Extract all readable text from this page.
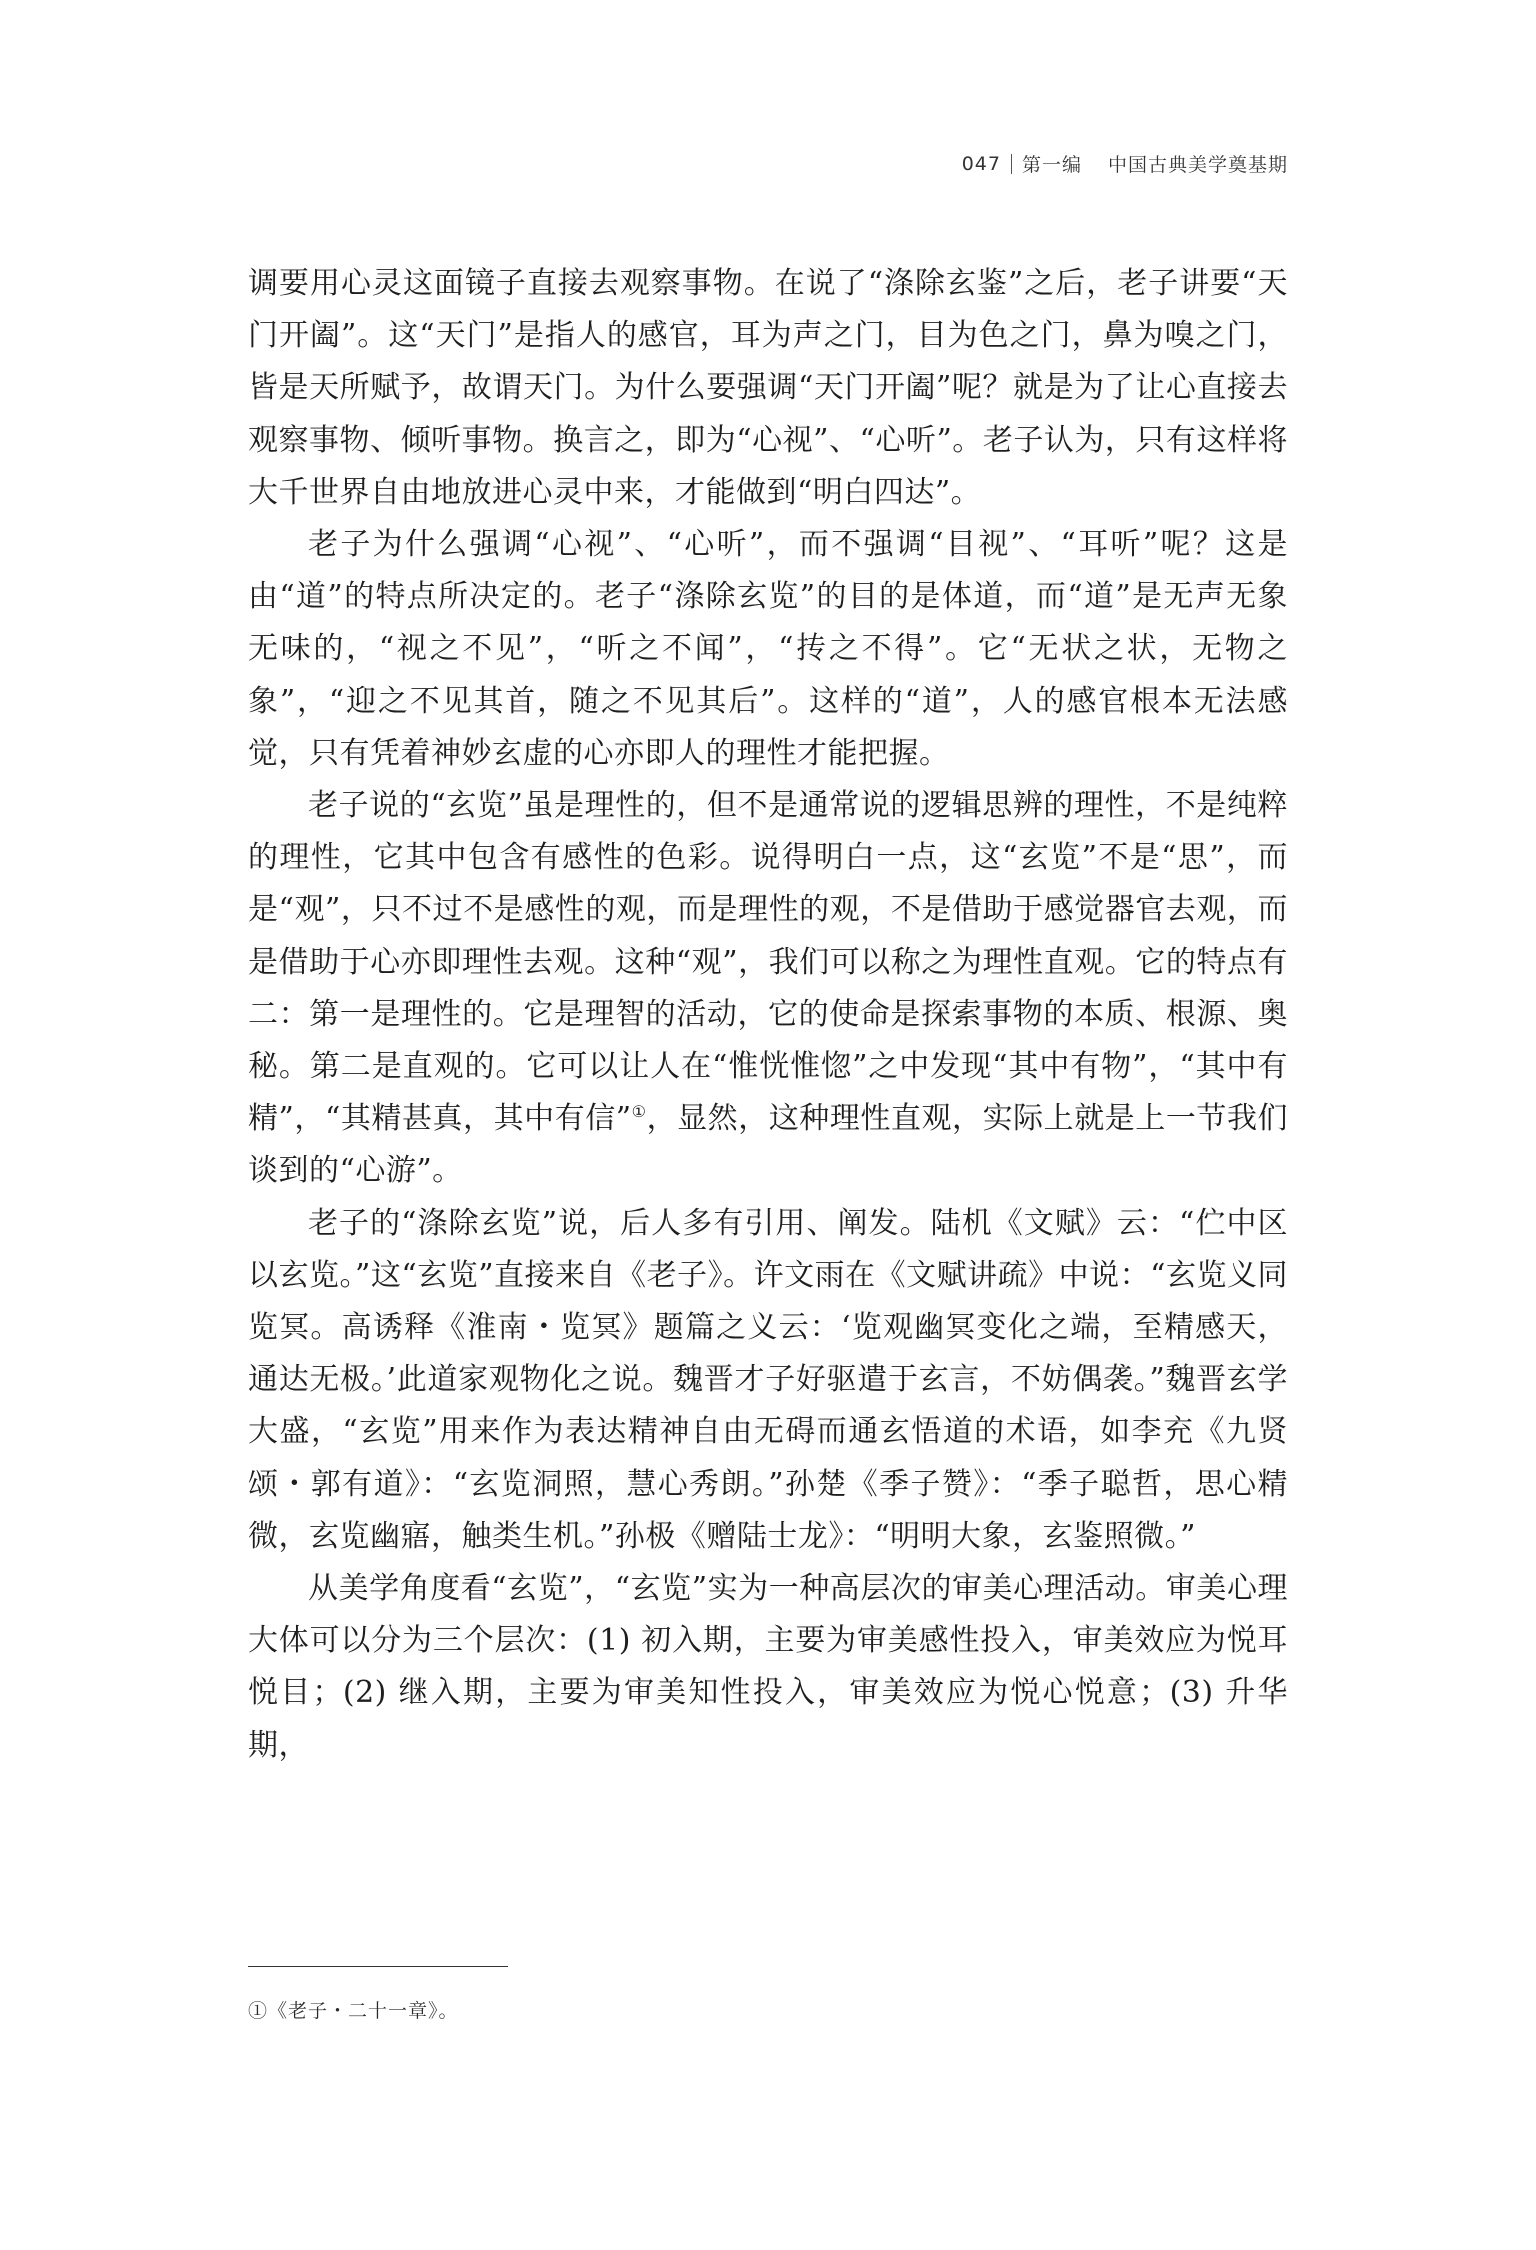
047 第一编 中国古典美学奠基期

调要用心灵这面镜子直接去观察事物。在说了“涤除玄鉴”之后，老子讲要“天门开阖”。这“天门”是指人的感官，耳为声之门，目为色之门，鼻为嗅之门，皆是天所赋予，故谓天门。为什么要强调“天门开阖”呢？就是为了让心直接去观察事物、倾听事物。换言之，即为“心视”、“心听”。老子认为，只有这样将大千世界自由地放进心灵中来，才能做到“明白四达”。

老子为什么强调“心视”、“心听”，而不强调“目视”、“耳听”呢？这是由“道”的特点所决定的。老子“涤除玄览”的目的是体道，而“道”是无声无象无味的，“视之不见”，“听之不闻”，“抟之不得”。它“无状之状，无物之象”，“迎之不见其首，随之不见其后”。这样的“道”，人的感官根本无法感觉，只有凭着神妙玄虚的心亦即人的理性才能把握。

老子说的“玄览”虽是理性的，但不是通常说的逻辑思辨的理性，不是纯粹的理性，它其中包含有感性的色彩。说得明白一点，这“玄览”不是“思”，而是“观”，只不过不是感性的观，而是理性的观，不是借助于感觉器官去观，而是借助于心亦即理性去观。这种“观”，我们可以称之为理性直观。它的特点有二：第一是理性的。它是理智的活动，它的使命是探索事物的本质、根源、奥秘。第二是直观的。它可以让人在“惟恍惟惚”之中发现“其中有物”，“其中有精”，“其精甚真，其中有信”①，显然，这种理性直观，实际上就是上一节我们谈到的“心游”。

老子的“涤除玄览”说，后人多有引用、阐发。陆机《文赋》云：“伫中区以玄览。”这“玄览”直接来自《老子》。许文雨在《文赋讲疏》中说：“玄览义同览冥。高诱释《淮南・览冥》题篇之义云：‘览观幽冥变化之端，至精感天，通达无极。’此道家观物化之说。魏晋才子好驱遣于玄言，不妨偶袭。”魏晋玄学大盛，“玄览”用来作为表达精神自由无碍而通玄悟道的术语，如李充《九贤颂・郭有道》：“玄览洞照，慧心秀朗。”孙楚《季子赞》：“季子聪哲，思心精微，玄览幽寤，触类生机。”孙极《赠陆士龙》：“明明大象，玄鉴照微。”

从美学角度看“玄览”，“玄览”实为一种高层次的审美心理活动。审美心理大体可以分为三个层次：(1) 初入期，主要为审美感性投入，审美效应为悦耳悦目；(2) 继入期，主要为审美知性投入，审美效应为悦心悦意；(3) 升华期，

①《老子・二十一章》。
